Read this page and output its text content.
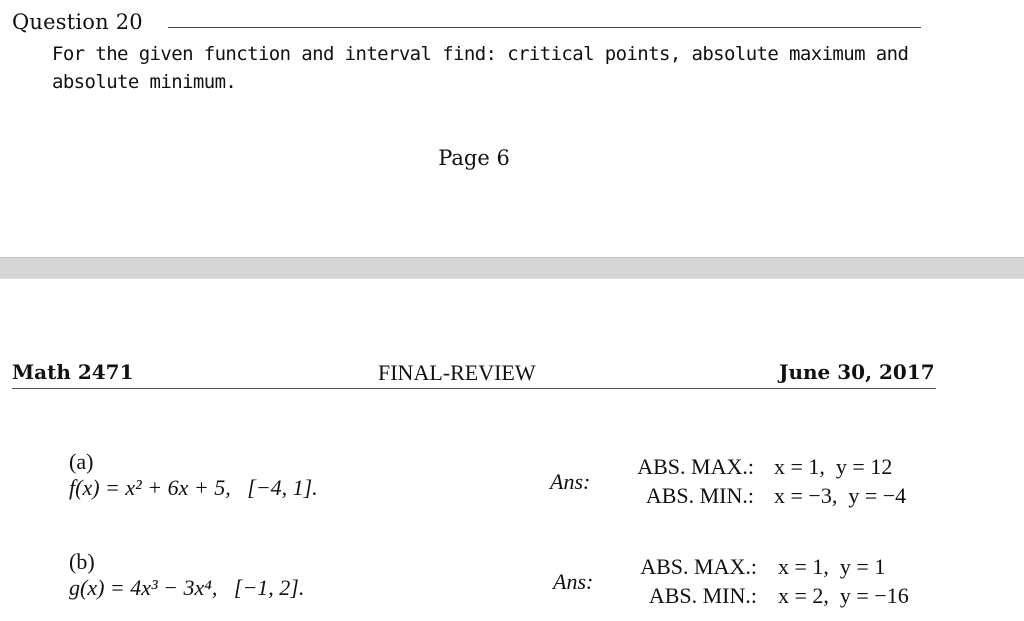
Question 20
For the given function and interval find: critical points, absolute maximum and absolute minimum.
Page 6
Math 2471	FINAL-REVIEW	June 30, 2017

(a)
f(x) = x² + 6x + 5,   [−4, 1].	Ans:
ABS. MAX.: x = 1,  y = 12
ABS. MIN.: x = −3,  y = −4

(b)
g(x) = 4x³ − 3x⁴,   [−1, 2].	Ans:
ABS. MAX.: x = 1,  y = 1
ABS. MIN.: x = 2,  y = −16
